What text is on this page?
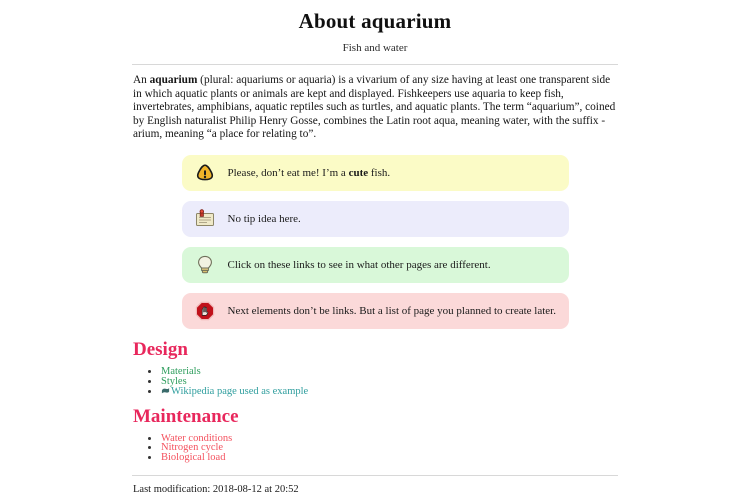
About aquarium

Fish and water

An aquarium (plural: aquariums or aquaria) is a vivarium of any size having at least one transparent side in which aquatic plants or animals are kept and displayed. Fishkeepers use aquaria to keep fish, invertebrates, amphibians, aquatic reptiles such as turtles, and aquatic plants. The term “aquarium”, coined by English naturalist Philip Henry Gosse, combines the Latin root aqua, meaning water, with the suffix -arium, meaning “a place for relating to”.

Please, don’t eat me! I’m a cute fish.
No tip idea here.
Click on these links to see in what other pages are different.
Next elements don’t be links. But a list of page you planned to create later.
Design
• Materials
• Styles
• Wikipedia page used as example
Maintenance
• Water conditions
• Nitrogen cycle
• Biological load

Last modification: 2018-08-12 at 20:52
